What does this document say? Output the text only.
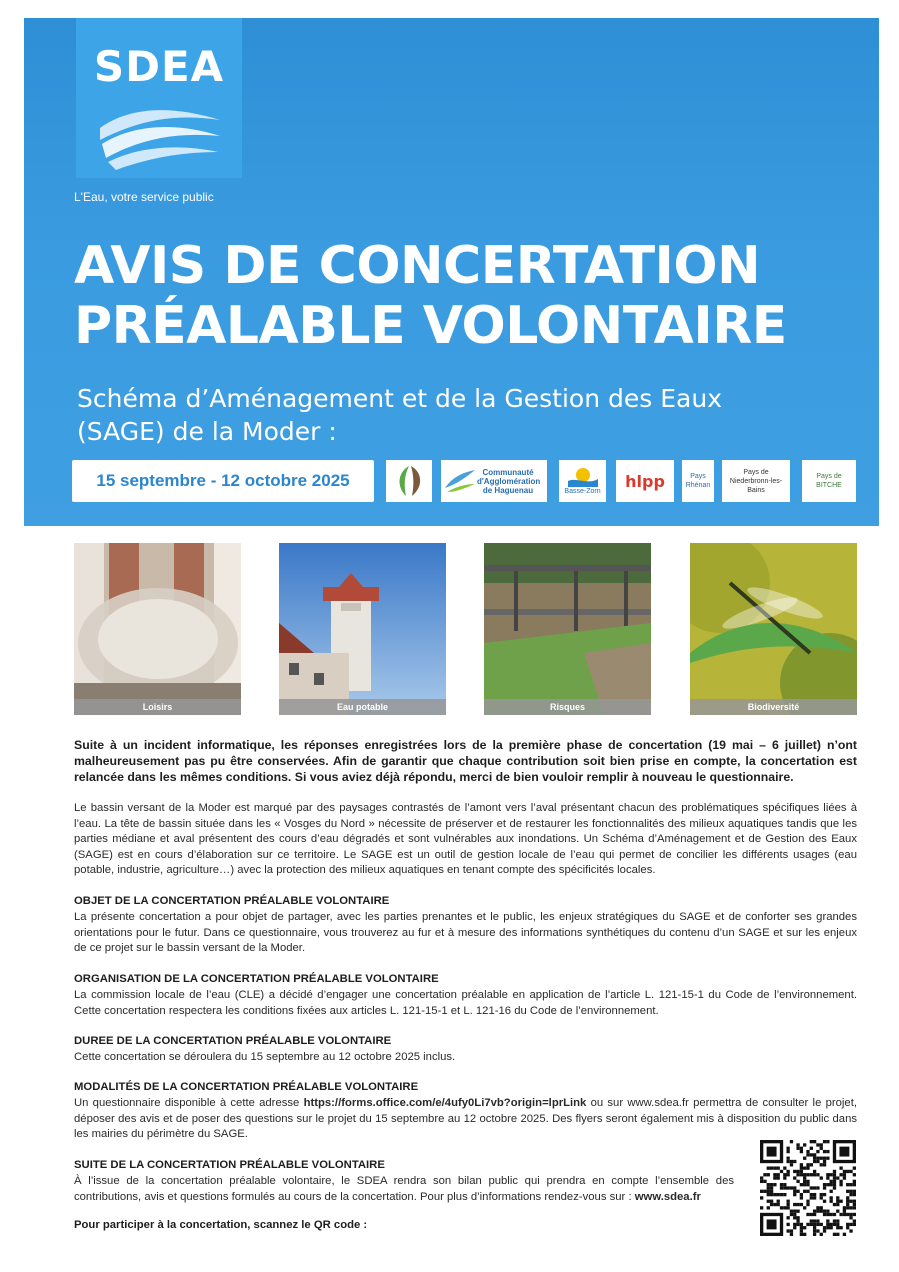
SDEA
L'Eau, votre service public
AVIS DE CONCERTATION
PRÉALABLE VOLONTAIRE
Schéma d’Aménagement et de la Gestion des Eaux
(SAGE) de la Moder :
15 septembre - 12 octobre 2025	Communauté d'Agglomération de Haguenau	Basse-Zorn
hlpp	Pays Rhénan
Pays de Niederbronn-les-Bains
Pays de BITCHE
Loisirs	Eau potable	Risques	Biodiversité
Suite à un incident informatique, les réponses enregistrées lors de la première phase de concertation (19 mai – 6 juillet) n’ont malheureusement pas pu être conservées. Afin de garantir que chaque contribution soit bien prise en compte, la concertation est relancée dans les mêmes conditions. Si vous aviez déjà répondu, merci de bien vouloir remplir à nouveau le questionnaire.
Le bassin versant de la Moder est marqué par des paysages contrastés de l’amont vers l’aval présentant chacun des problématiques spécifiques liées à l’eau. La tête de bassin située dans les « Vosges du Nord » nécessite de préserver et de restaurer les fonctionnalités des milieux aquatiques tandis que les parties médiane et aval présentent des cours d’eau dégradés et sont vulnérables aux inondations. Un Schéma d’Aménagement et de Gestion des Eaux (SAGE) est en cours d’élaboration sur ce territoire. Le SAGE est un outil de gestion locale de l’eau qui permet de concilier les différents usages (eau potable, industrie, agriculture…) avec la protection des milieux aquatiques en tenant compte des spécificités locales.
OBJET DE LA CONCERTATION PRÉALABLE VOLONTAIRE
La présente concertation a pour objet de partager, avec les parties prenantes et le public, les enjeux stratégiques du SAGE et de conforter ses grandes orientations pour le futur. Dans ce questionnaire, vous trouverez au fur et à mesure des informations synthétiques du contenu d’un SAGE et sur les enjeux de ce projet sur le bassin versant de la Moder.
ORGANISATION DE LA CONCERTATION PRÉALABLE VOLONTAIRE
La commission locale de l’eau (CLE) a décidé d’engager une concertation préalable en application de l’article L. 121-15-1 du Code de l’environnement. Cette concertation respectera les conditions fixées aux articles L. 121-15-1 et L. 121-16 du Code de l’environnement.
DUREE DE LA CONCERTATION PRÉALABLE VOLONTAIRE
Cette concertation se déroulera du 15 septembre au 12 octobre 2025 inclus.
MODALITÉS DE LA CONCERTATION PRÉALABLE VOLONTAIRE
Un questionnaire disponible à cette adresse https://forms.office.com/e/4ufy0Li7vb?origin=lprLink ou sur www.sdea.fr permettra de consulter le projet, déposer des avis et de poser des questions sur le projet du 15 septembre au 12 octobre 2025. Des flyers seront également mis à disposition du public dans les mairies du périmètre du SAGE.
SUITE DE LA CONCERTATION PRÉALABLE VOLONTAIRE
À l’issue de la concertation préalable volontaire, le SDEA rendra son bilan public qui prendra en compte l’ensemble des contributions, avis et questions formulés au cours de la concertation. Pour plus d’informations rendez-vous sur : www.sdea.fr
Pour participer à la concertation, scannez le QR code :
